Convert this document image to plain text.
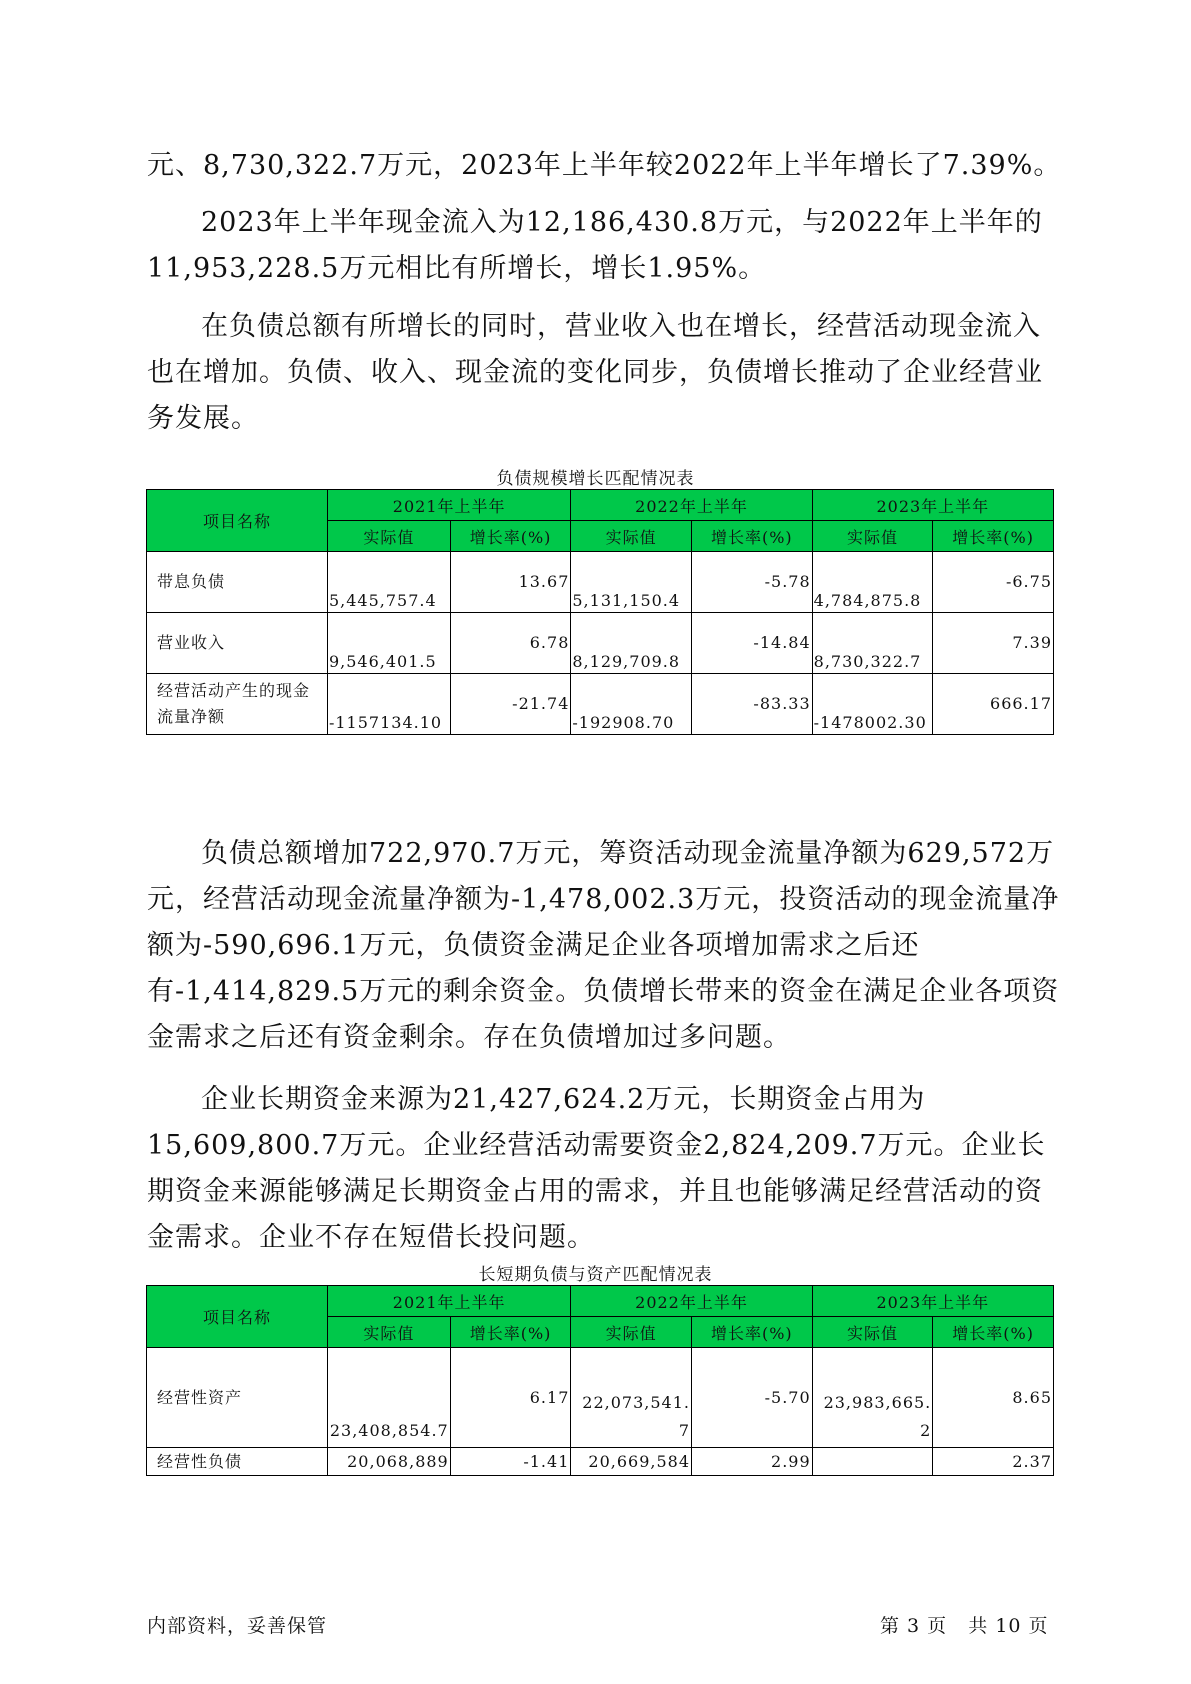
元、8,730,322.7万元，2023年上半年较2022年上半年增长了7.39%。

2023年上半年现金流入为12,186,430.8万元，与2022年上半年的11,953,228.5万元相比有所增长，增长1.95%。

在负债总额有所增长的同时，营业收入也在增长，经营活动现金流入也在增加。负债、收入、现金流的变化同步，负债增长推动了企业经营业务发展。

负债规模增长匹配情况表
项目名称	2021年上半年		2022年上半年		2023年上半年	
	实际值	增长率(%)	实际值	增长率(%)	实际值	增长率(%)
带息负债	5,445,757.4	13.67	5,131,150.4	-5.78	4,784,875.8	-6.75
营业收入	9,546,401.5	6.78	8,129,709.8	-14.84	8,730,322.7	7.39
经营活动产生的现金流量净额	-1157134.10	-21.74	-192908.70	-83.33	-1478002.30	666.17

负债总额增加722,970.7万元，筹资活动现金流量净额为629,572万元，经营活动现金流量净额为-1,478,002.3万元，投资活动的现金流量净额为-590,696.1万元，负债资金满足企业各项增加需求之后还有-1,414,829.5万元的剩余资金。负债增长带来的资金在满足企业各项资金需求之后还有资金剩余。存在负债增加过多问题。

企业长期资金来源为21,427,624.2万元，长期资金占用为15,609,800.7万元。企业经营活动需要资金2,824,209.7万元。企业长期资金来源能够满足长期资金占用的需求，并且也能够满足经营活动的资金需求。企业不存在短借长投问题。

长短期负债与资产匹配情况表
项目名称	2021年上半年		2022年上半年		2023年上半年	
	实际值	增长率(%)	实际值	增长率(%)	实际值	增长率(%)
经营性资产	23,408,854.7	6.17	22,073,541.7	-5.70	23,983,665.2	8.65
经营性负债	20,068,889	-1.41	20,669,584	2.99		2.37
内部资料，妥善保管	第 3 页   共 10 页
